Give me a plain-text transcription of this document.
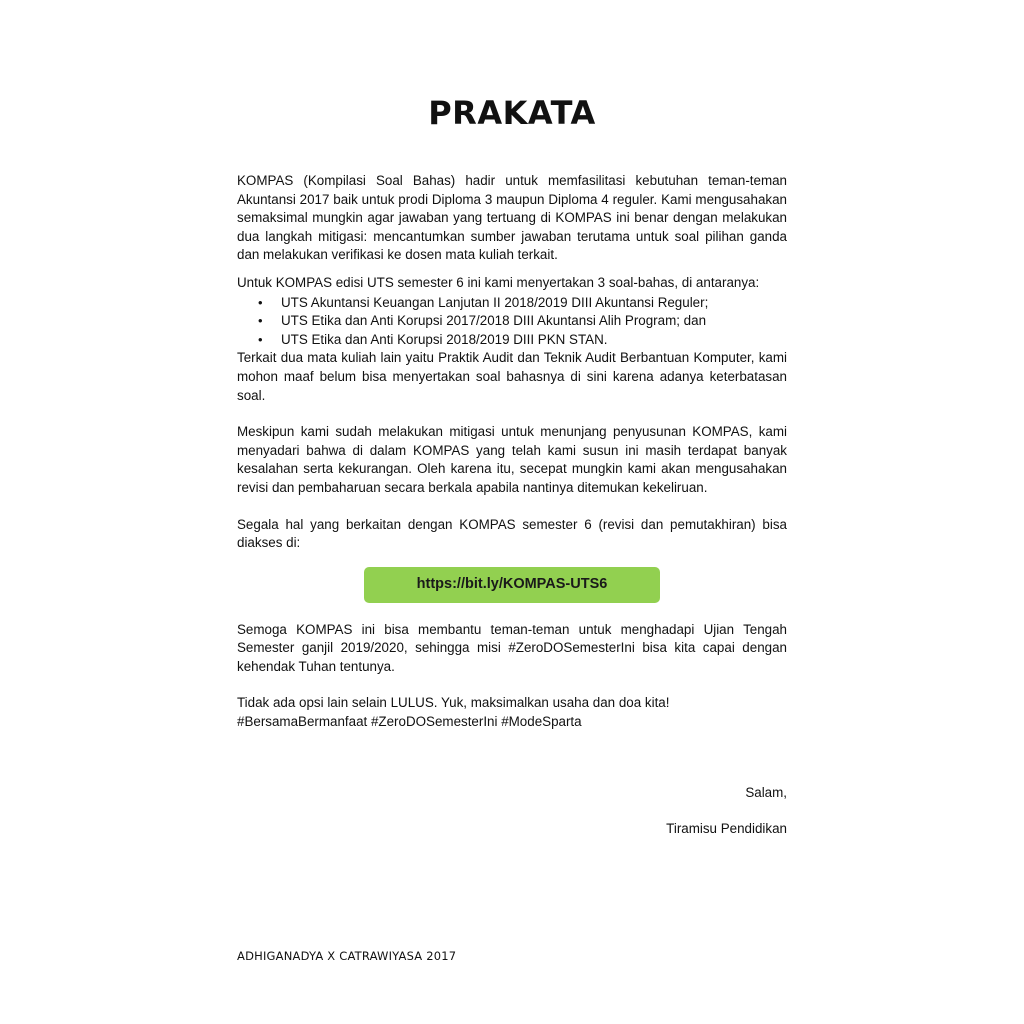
PRAKATA

KOMPAS (Kompilasi Soal Bahas) hadir untuk memfasilitasi kebutuhan teman-teman Akuntansi 2017 baik untuk prodi Diploma 3 maupun Diploma 4 reguler. Kami mengusahakan semaksimal mungkin agar jawaban yang tertuang di KOMPAS ini benar dengan melakukan dua langkah mitigasi: mencantumkan sumber jawaban terutama untuk soal pilihan ganda dan melakukan verifikasi ke dosen mata kuliah terkait.

Untuk KOMPAS edisi UTS semester 6 ini kami menyertakan 3 soal-bahas, di antaranya:

• UTS Akuntansi Keuangan Lanjutan II 2018/2019 DIII Akuntansi Reguler;
• UTS Etika dan Anti Korupsi 2017/2018 DIII Akuntansi Alih Program; dan
• UTS Etika dan Anti Korupsi 2018/2019 DIII PKN STAN.

Terkait dua mata kuliah lain yaitu Praktik Audit dan Teknik Audit Berbantuan Komputer, kami mohon maaf belum bisa menyertakan soal bahasnya di sini karena adanya keterbatasan soal.

Meskipun kami sudah melakukan mitigasi untuk menunjang penyusunan KOMPAS, kami menyadari bahwa di dalam KOMPAS yang telah kami susun ini masih terdapat banyak kesalahan serta kekurangan. Oleh karena itu, secepat mungkin kami akan mengusahakan revisi dan pembaharuan secara berkala apabila nantinya ditemukan kekeliruan.

Segala hal yang berkaitan dengan KOMPAS semester 6 (revisi dan pemutakhiran) bisa diakses di:

https://bit.ly/KOMPAS-UTS6

Semoga KOMPAS ini bisa membantu teman-teman untuk menghadapi Ujian Tengah Semester ganjil 2019/2020, sehingga misi #ZeroDOSemesterIni bisa kita capai dengan kehendak Tuhan tentunya.

Tidak ada opsi lain selain LULUS. Yuk, maksimalkan usaha dan doa kita!

#BersamaBermanfaat #ZeroDOSemesterIni #ModeSparta

Salam,

Tiramisu Pendidikan

ADHIGANADYA X CATRAWIYASA 2017
